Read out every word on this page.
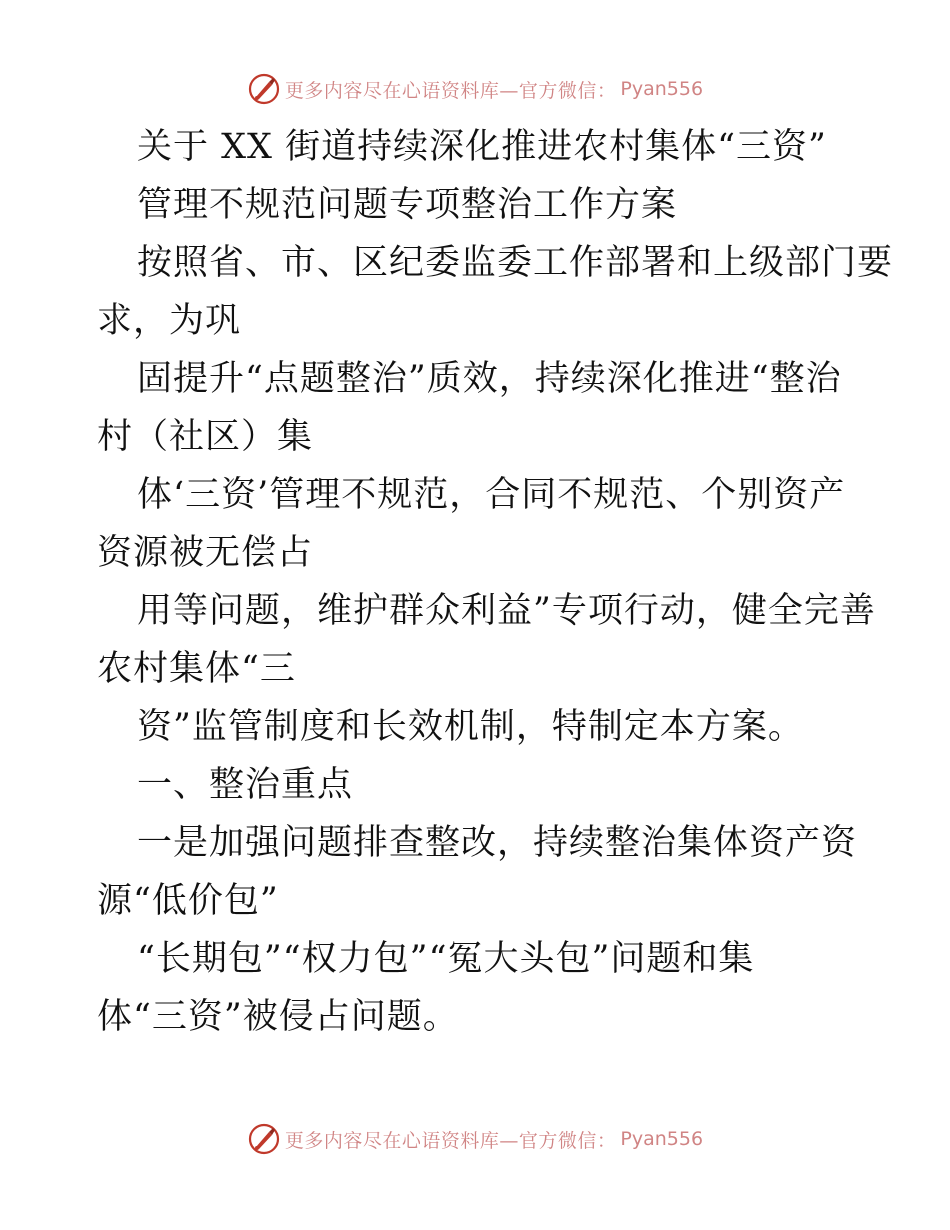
更多内容尽在心语资料库—官方微信： Pyan556
关于 XX 街道持续深化推进农村集体“三资”
管理不规范问题专项整治工作方案
按照省、市、区纪委监委工作部署和上级部门要
求，为巩
固提升“点题整治”质效，持续深化推进“整治
村（社区）集
体‘三资’管理不规范，合同不规范、个别资产
资源被无偿占
用等问题，维护群众利益”专项行动，健全完善
农村集体“三
资”监管制度和长效机制，特制定本方案。
一、整治重点
一是加强问题排查整改，持续整治集体资产资
源“低价包”
“长期包”“权力包”“冤大头包”问题和集
体“三资”被侵占问题。
更多内容尽在心语资料库—官方微信： Pyan556
